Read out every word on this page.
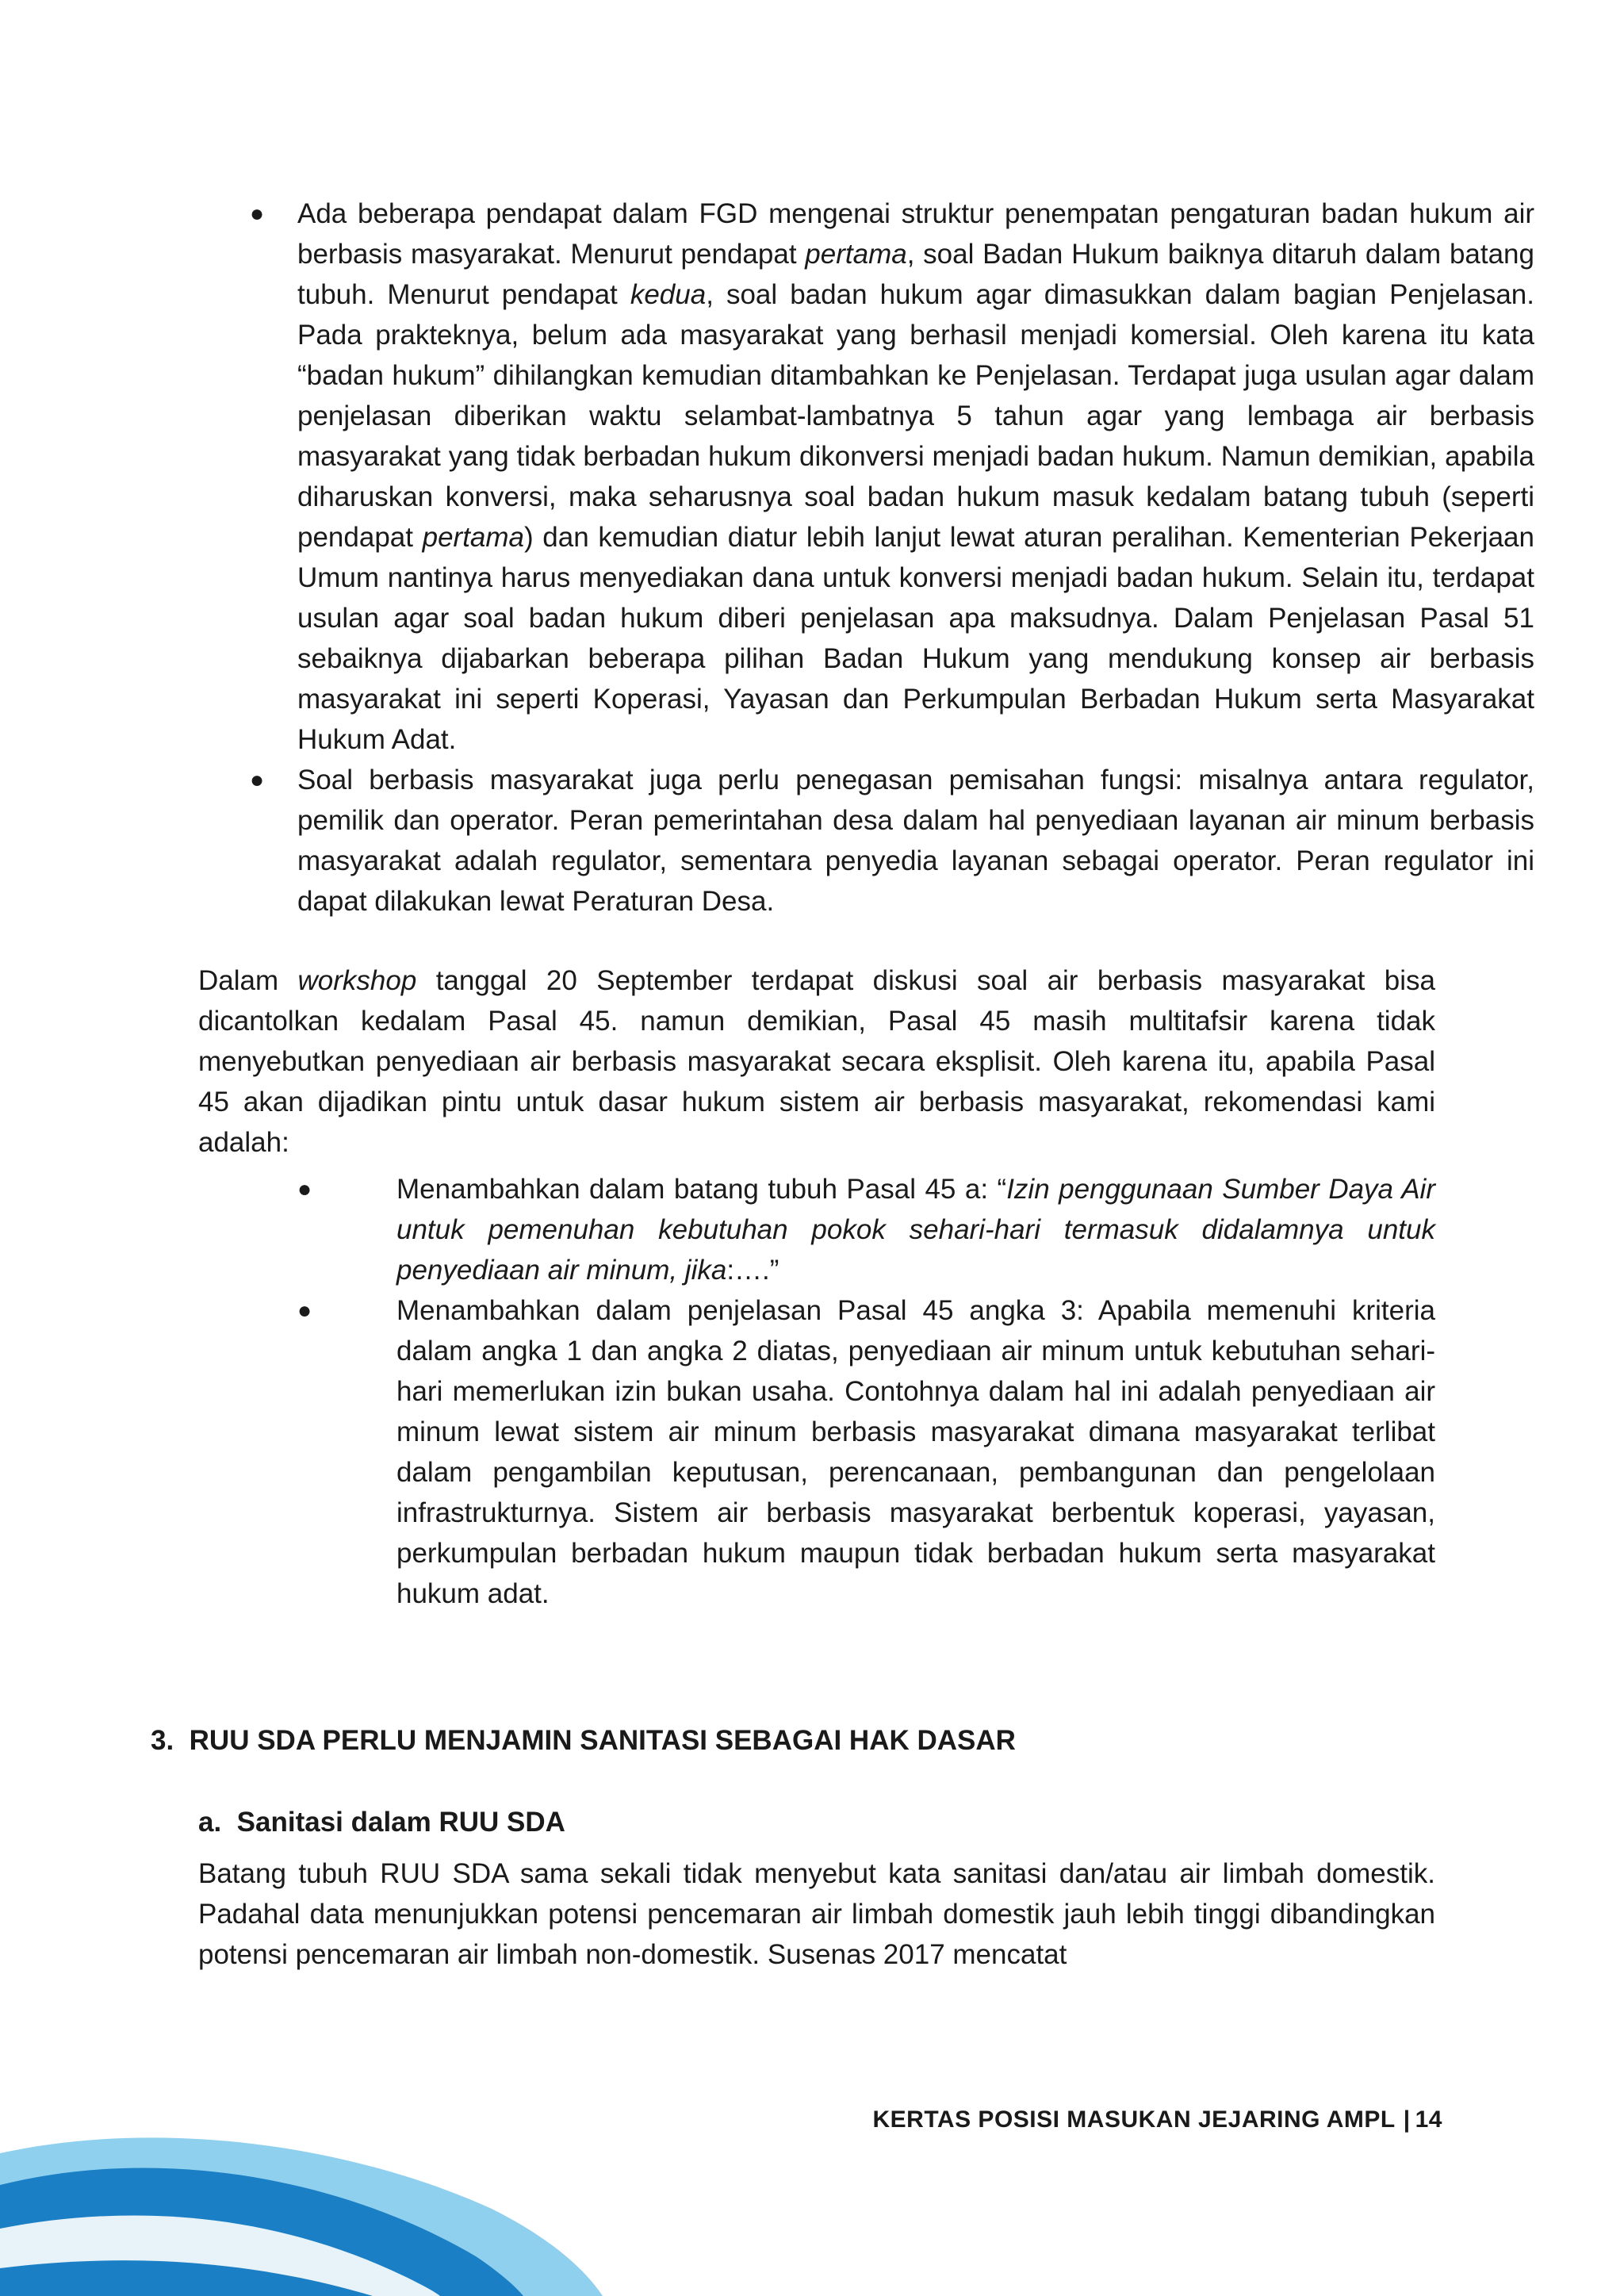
● Ada beberapa pendapat dalam FGD mengenai struktur penempatan pengaturan badan hukum air berbasis masyarakat. Menurut pendapat pertama, soal Badan Hukum baiknya ditaruh dalam batang tubuh. Menurut pendapat kedua, soal badan hukum agar dimasukkan dalam bagian Penjelasan. Pada prakteknya, belum ada masyarakat yang berhasil menjadi komersial. Oleh karena itu kata “badan hukum” dihilangkan kemudian ditambahkan ke Penjelasan. Terdapat juga usulan agar dalam penjelasan diberikan waktu selambat-lambatnya 5 tahun agar yang lembaga air berbasis masyarakat yang tidak berbadan hukum dikonversi menjadi badan hukum. Namun demikian, apabila diharuskan konversi, maka seharusnya soal badan hukum masuk kedalam batang tubuh (seperti pendapat pertama) dan kemudian diatur lebih lanjut lewat aturan peralihan. Kementerian Pekerjaan Umum nantinya harus menyediakan dana untuk konversi menjadi badan hukum. Selain itu, terdapat usulan agar soal badan hukum diberi penjelasan apa maksudnya. Dalam Penjelasan Pasal 51 sebaiknya dijabarkan beberapa pilihan Badan Hukum yang mendukung konsep air berbasis masyarakat ini seperti Koperasi, Yayasan dan Perkumpulan Berbadan Hukum serta Masyarakat Hukum Adat.
● Soal berbasis masyarakat juga perlu penegasan pemisahan fungsi: misalnya antara regulator, pemilik dan operator. Peran pemerintahan desa dalam hal penyediaan layanan air minum berbasis masyarakat adalah regulator, sementara penyedia layanan sebagai operator. Peran regulator ini dapat dilakukan lewat Peraturan Desa.

Dalam workshop tanggal 20 September terdapat diskusi soal air berbasis masyarakat bisa dicantolkan kedalam Pasal 45. namun demikian, Pasal 45 masih multitafsir karena tidak menyebutkan penyediaan air berbasis masyarakat secara eksplisit. Oleh karena itu, apabila Pasal 45 akan dijadikan pintu untuk dasar hukum sistem air berbasis masyarakat, rekomendasi kami adalah:

●	Menambahkan dalam batang tubuh Pasal 45 a: “Izin penggunaan Sumber Daya Air untuk pemenuhan kebutuhan pokok sehari-hari termasuk didalamnya untuk penyediaan air minum, jika:….”
●	Menambahkan dalam penjelasan Pasal 45 angka 3: Apabila memenuhi kriteria dalam angka 1 dan angka 2 diatas, penyediaan air minum untuk kebutuhan sehari-hari memerlukan izin bukan usaha. Contohnya dalam hal ini adalah penyediaan air minum lewat sistem air minum berbasis masyarakat dimana masyarakat terlibat dalam pengambilan keputusan, perencanaan, pembangunan dan pengelolaan infrastrukturnya. Sistem air berbasis masyarakat berbentuk koperasi, yayasan, perkumpulan berbadan hukum maupun tidak berbadan hukum serta masyarakat hukum adat.
3. RUU SDA PERLU MENJAMIN SANITASI SEBAGAI HAK DASAR
a. Sanitasi dalam RUU SDA

Batang tubuh RUU SDA sama sekali tidak menyebut kata sanitasi dan/atau air limbah domestik. Padahal data menunjukkan potensi pencemaran air limbah domestik jauh lebih tinggi dibandingkan potensi pencemaran air limbah non-domestik. Susenas 2017 mencatat

KERTAS POSISI MASUKAN JEJARING AMPL | 14
